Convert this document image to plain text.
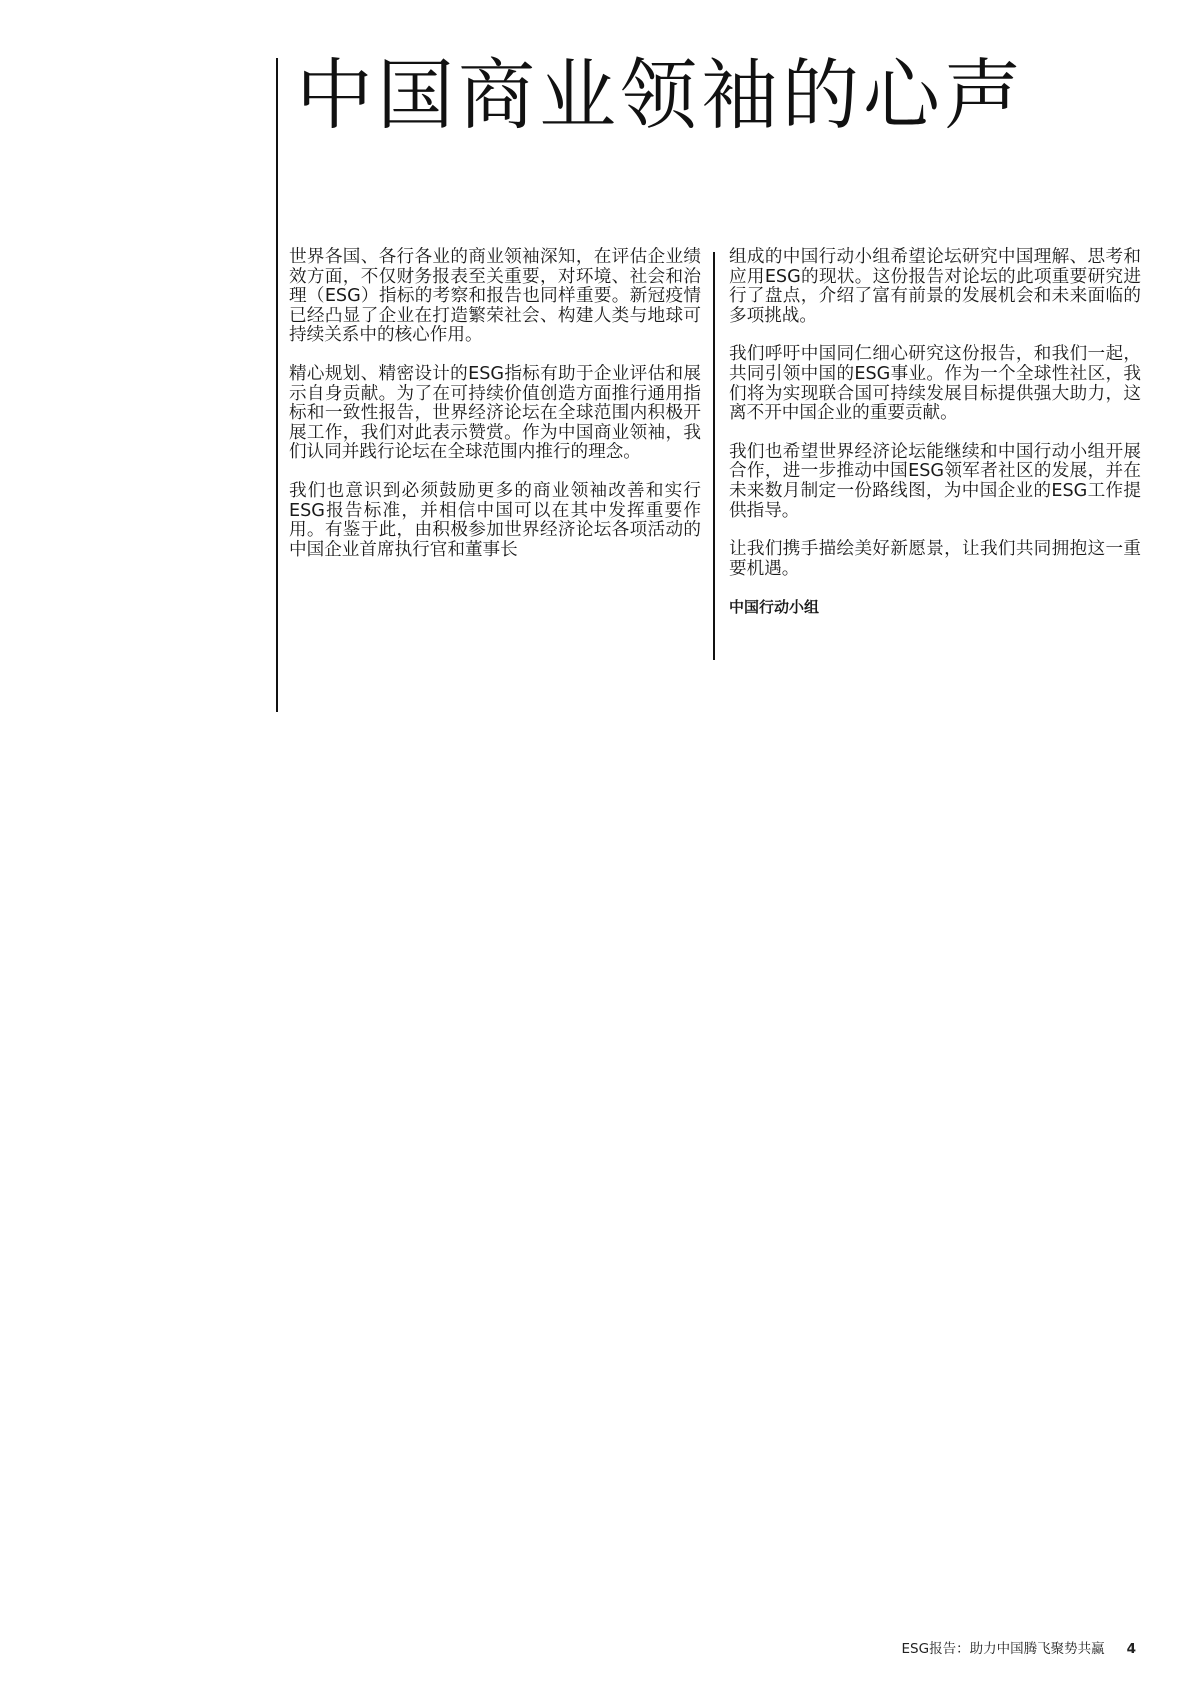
中国商业领袖的心声

世界各国、各行各业的商业领袖深知，在评估企业绩效方面，不仅财务报表至关重要，对环境、社会和治理（ESG）指标的考察和报告也同样重要。新冠疫情已经凸显了企业在打造繁荣社会、构建人类与地球可持续关系中的核心作用。

精心规划、精密设计的ESG指标有助于企业评估和展示自身贡献。为了在可持续价值创造方面推行通用指标和一致性报告，世界经济论坛在全球范围内积极开展工作，我们对此表示赞赏。作为中国商业领袖，我们认同并践行论坛在全球范围内推行的理念。

我们也意识到必须鼓励更多的商业领袖改善和实行ESG报告标准，并相信中国可以在其中发挥重要作用。有鉴于此，由积极参加世界经济论坛各项活动的中国企业首席执行官和董事长

组成的中国行动小组希望论坛研究中国理解、思考和应用ESG的现状。这份报告对论坛的此项重要研究进行了盘点，介绍了富有前景的发展机会和未来面临的多项挑战。

我们呼吁中国同仁细心研究这份报告，和我们一起，共同引领中国的ESG事业。作为一个全球性社区，我们将为实现联合国可持续发展目标提供强大助力，这离不开中国企业的重要贡献。

我们也希望世界经济论坛能继续和中国行动小组开展合作，进一步推动中国ESG领军者社区的发展，并在未来数月制定一份路线图，为中国企业的ESG工作提供指导。

让我们携手描绘美好新愿景，让我们共同拥抱这一重要机遇。

中国行动小组

ESG报告：助力中国腾飞聚势共赢 4
